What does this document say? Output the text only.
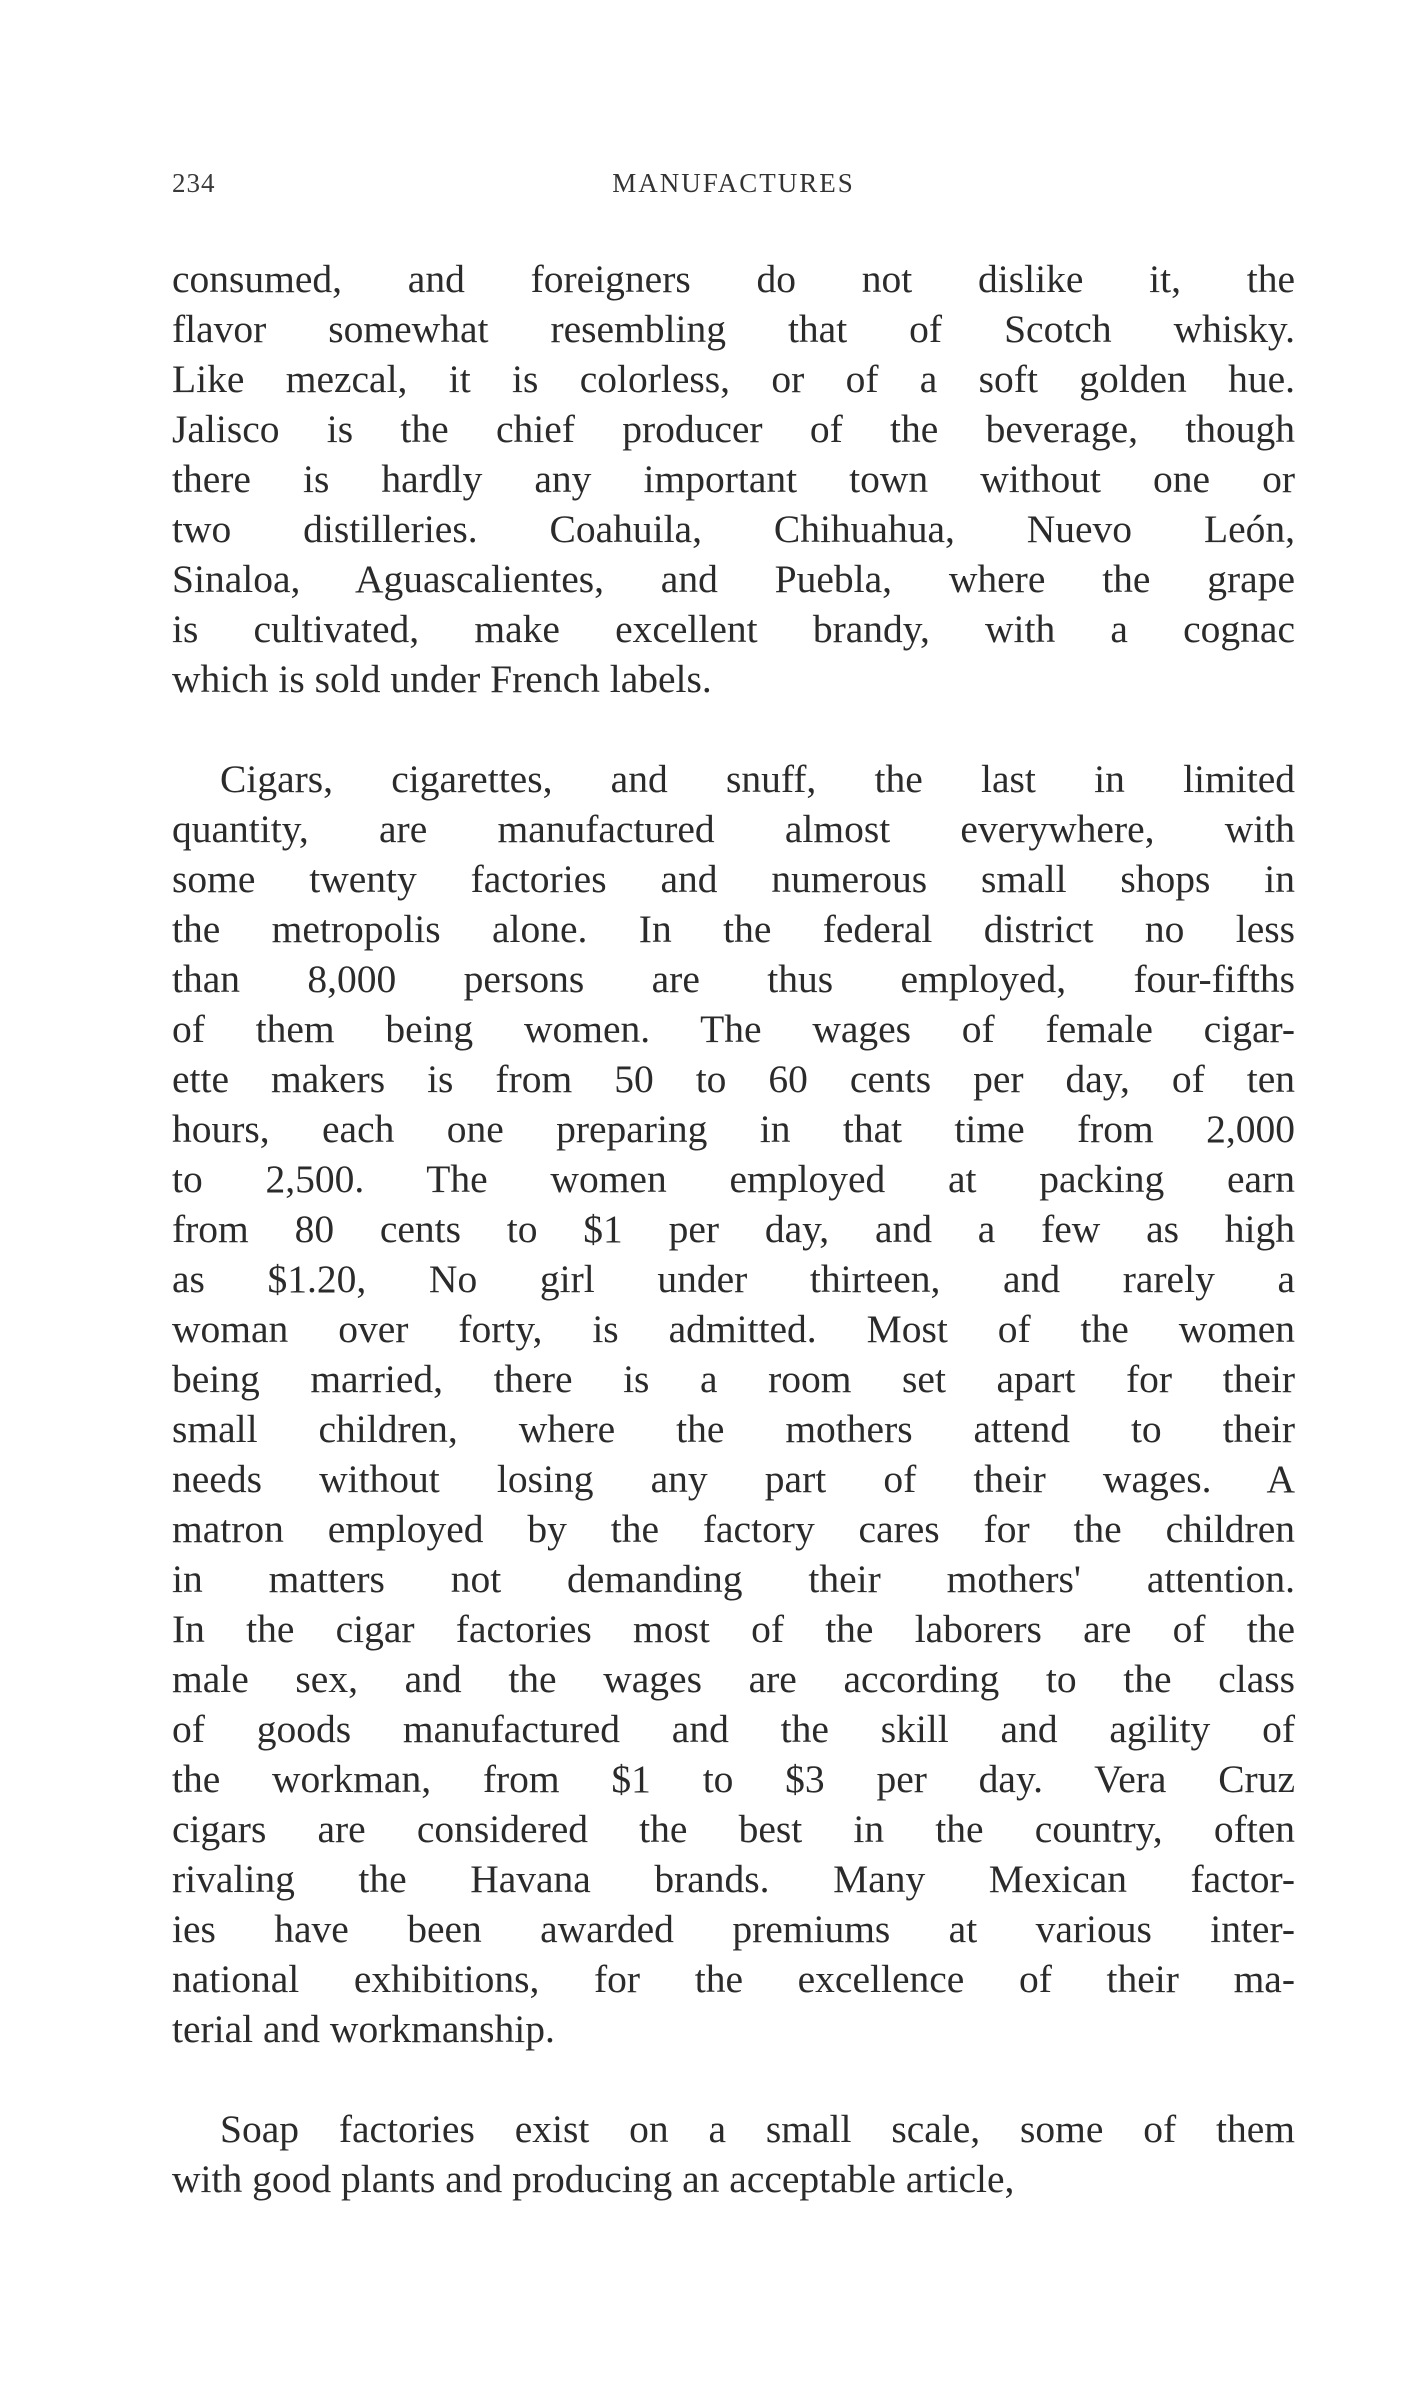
234	MANUFACTURES

consumed, and foreigners do not dislike it, the
flavor somewhat resembling that of Scotch whisky.
Like mezcal, it is colorless, or of a soft golden hue.
Jalisco is the chief producer of the beverage, though
there is hardly any important town without one or
two distilleries. Coahuila, Chihuahua, Nuevo León,
Sinaloa, Aguascalientes, and Puebla, where the grape
is cultivated, make excellent brandy, with a cognac
which is sold under French labels.

Cigars, cigarettes, and snuff, the last in limited
quantity, are manufactured almost everywhere, with
some twenty factories and numerous small shops in
the metropolis alone. In the federal district no less
than 8,000 persons are thus employed, four-fifths
of them being women. The wages of female cigar-
ette makers is from 50 to 60 cents per day, of ten
hours, each one preparing in that time from 2,000
to 2,500. The women employed at packing earn
from 80 cents to $1 per day, and a few as high
as $1.20, No girl under thirteen, and rarely a
woman over forty, is admitted. Most of the women
being married, there is a room set apart for their
small children, where the mothers attend to their
needs without losing any part of their wages. A
matron employed by the factory cares for the children
in matters not demanding their mothers' attention.
In the cigar factories most of the laborers are of the
male sex, and the wages are according to the class
of goods manufactured and the skill and agility of
the workman, from $1 to $3 per day. Vera Cruz
cigars are considered the best in the country, often
rivaling the Havana brands. Many Mexican factor-
ies have been awarded premiums at various inter-
national exhibitions, for the excellence of their ma-
terial and workmanship.

Soap factories exist on a small scale, some of them
with good plants and producing an acceptable article,
